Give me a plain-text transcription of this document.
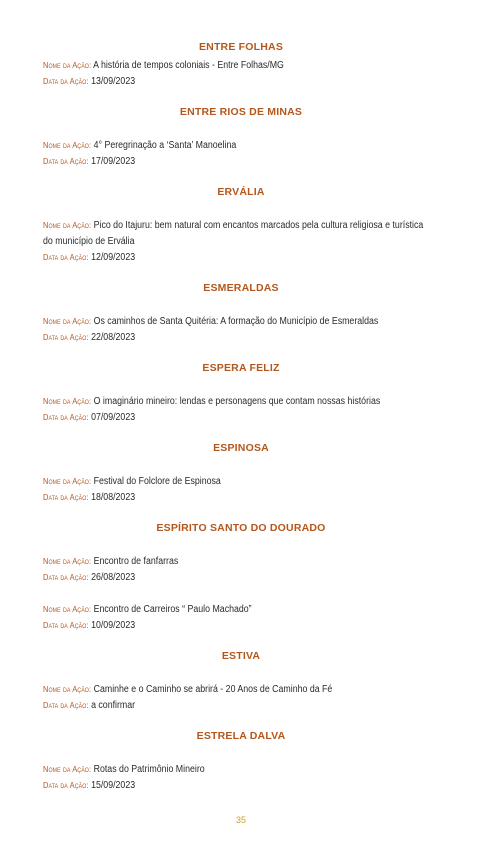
ENTRE FOLHAS
Nome da Ação: A história de tempos coloniais - Entre Folhas/MG
Data da Ação: 13/09/2023
ENTRE RIOS DE MINAS
Nome da Ação: 4° Peregrinação a ‘Santa’ Manoelina
Data da Ação: 17/09/2023
ERVÁLIA
Nome da Ação: Pico do Itajuru: bem natural com encantos marcados pela cultura religiosa e turística do município de Ervália
Data da Ação: 12/09/2023
ESMERALDAS
Nome da Ação: Os caminhos de Santa Quitéria: A formação do Município de Esmeraldas
Data da Ação: 22/08/2023
ESPERA FELIZ
Nome da Ação: O imaginário mineiro: lendas e personagens que contam nossas histórias
Data da Ação: 07/09/2023
ESPINOSA
Nome da Ação: Festival do Folclore de Espinosa
Data da Ação: 18/08/2023
ESPÍRITO SANTO DO DOURADO
Nome da Ação: Encontro de fanfarras
Data da Ação: 26/08/2023
Nome da Ação: Encontro de Carreiros “ Paulo Machado”
Data da Ação: 10/09/2023
ESTIVA
Nome da Ação: Caminhe e o Caminho se abrirá - 20 Anos de Caminho da Fé
Data da Ação: a confirmar
ESTRELA DALVA
Nome da Ação: Rotas do Patrimônio Mineiro
Data da Ação: 15/09/2023
35
